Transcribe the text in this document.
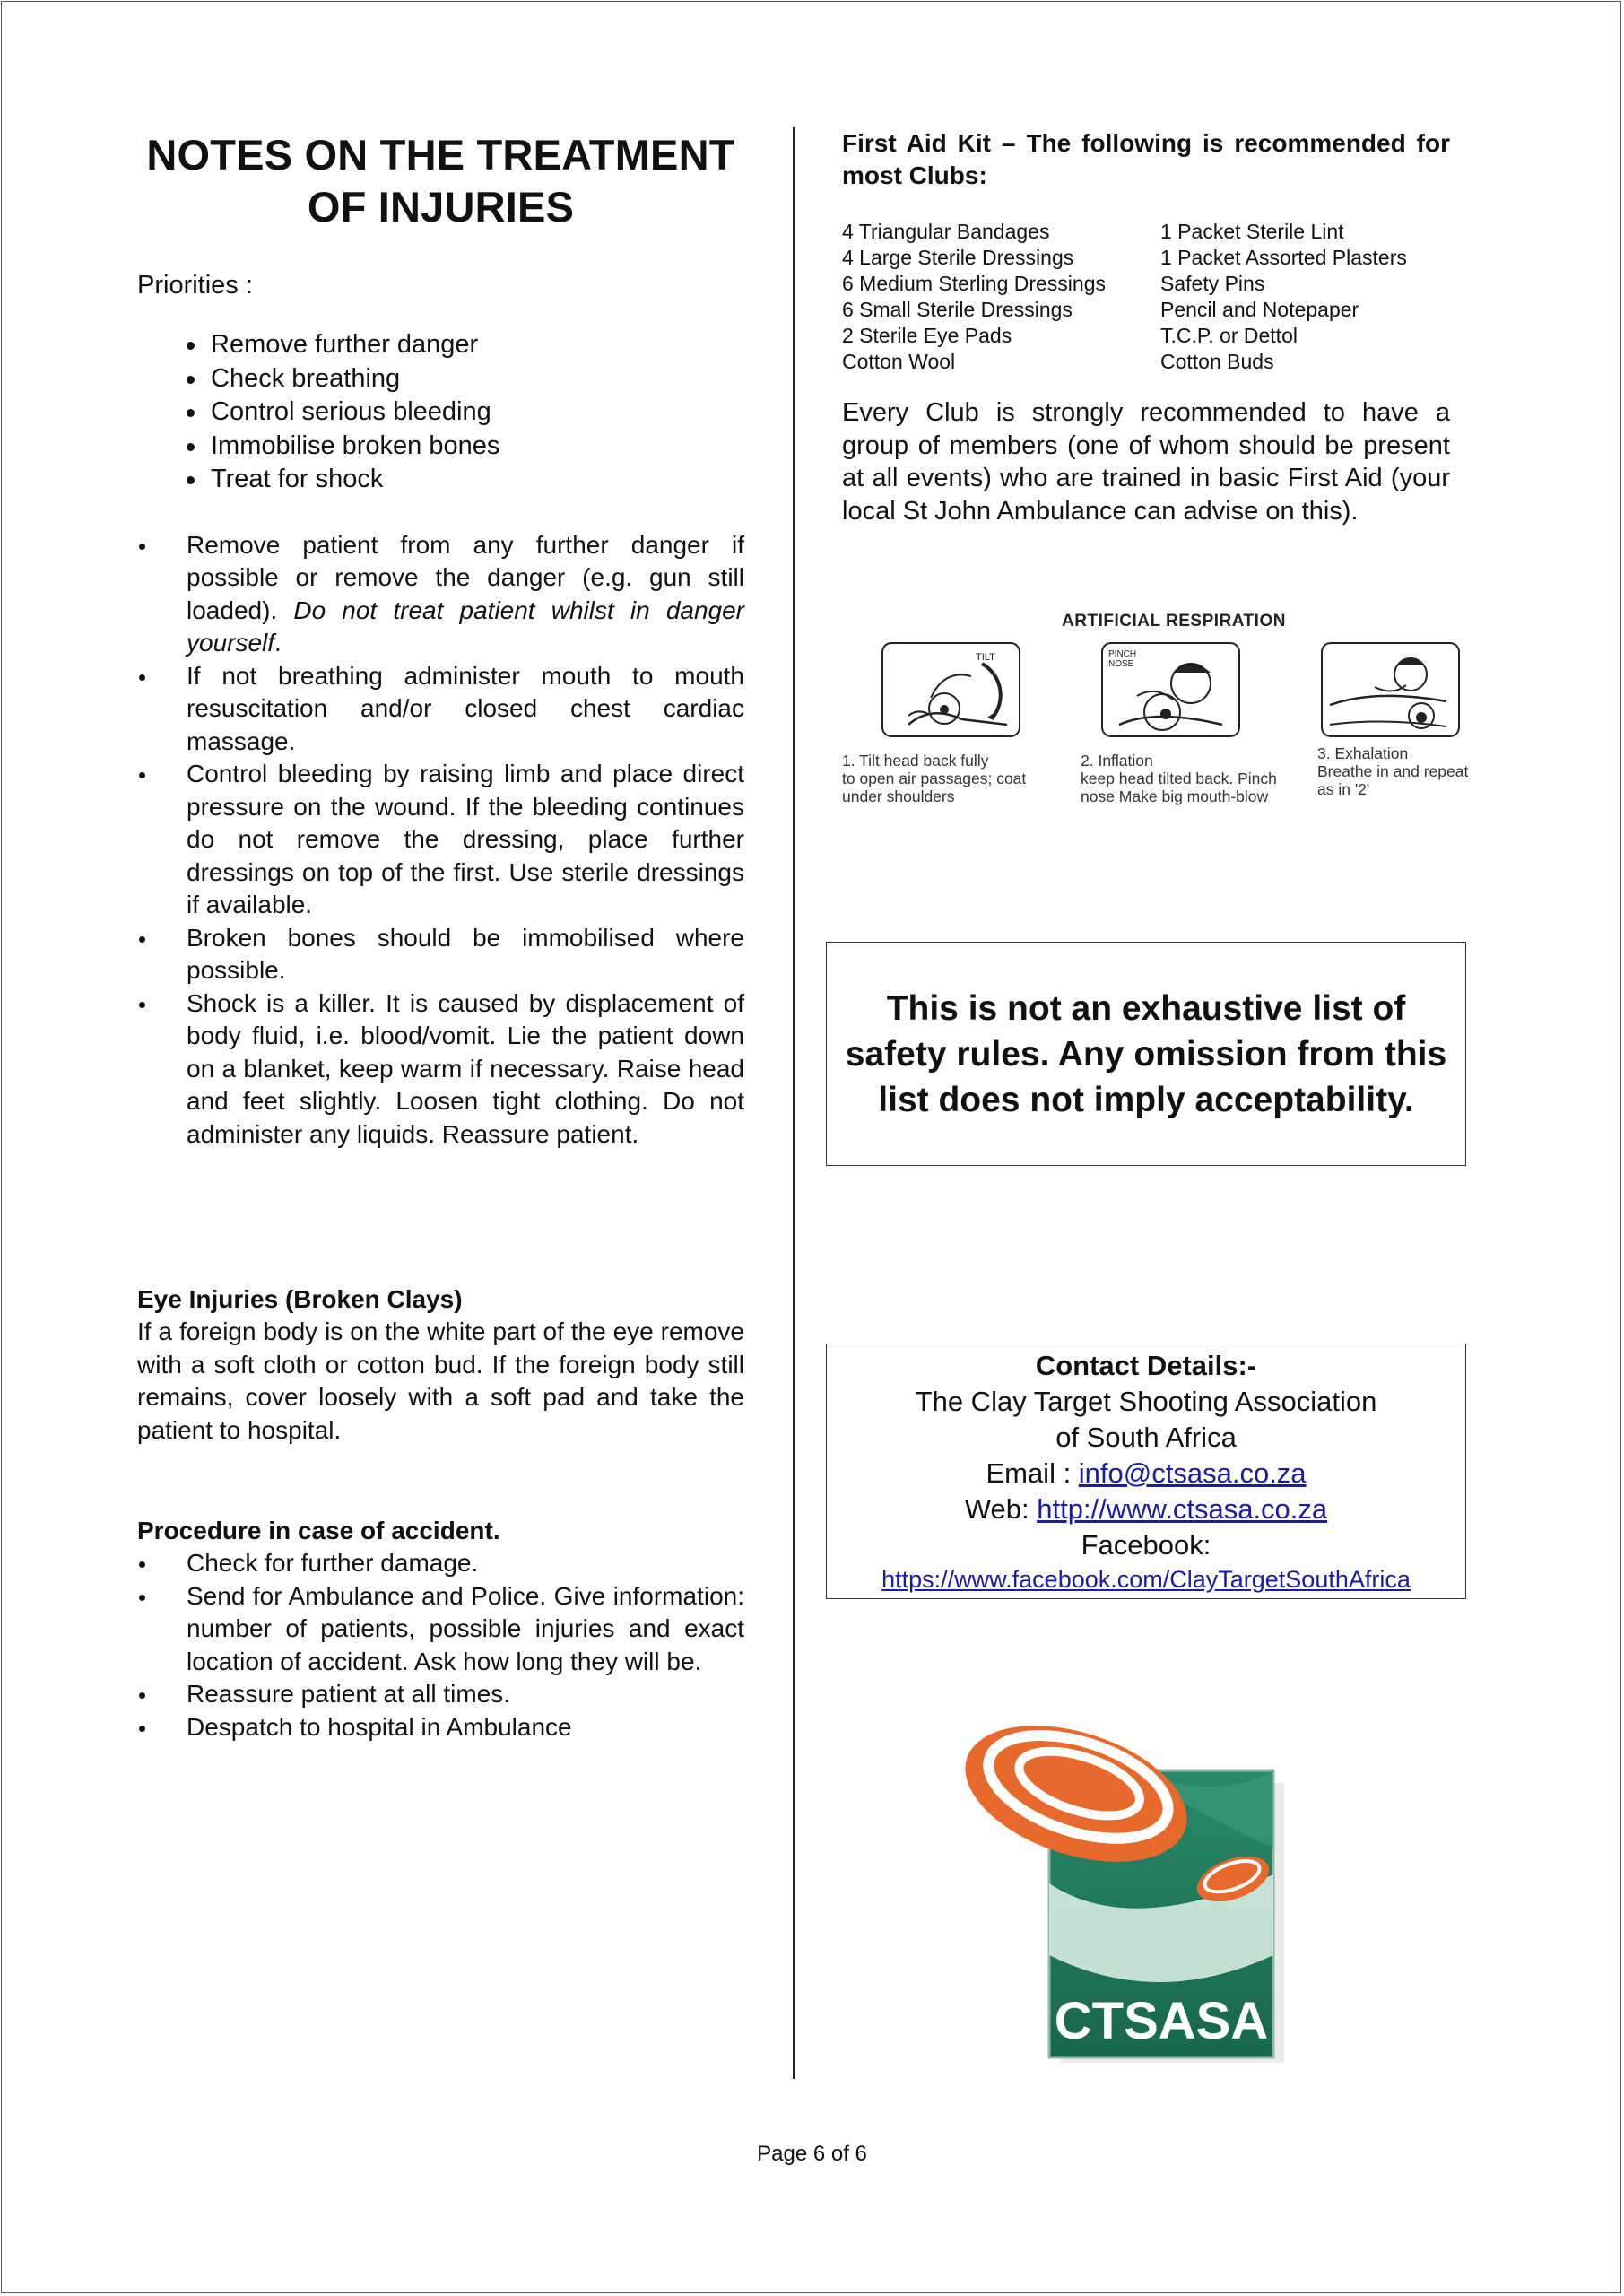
NOTES ON THE TREATMENT OF INJURIES
Priorities :
Remove further danger
Check breathing
Control serious bleeding
Immobilise broken bones
Treat for shock
Remove patient from any further danger if possible or remove the danger (e.g. gun still loaded). Do not treat patient whilst in danger yourself.
If not breathing administer mouth to mouth resuscitation and/or closed chest cardiac massage.
Control bleeding by raising limb and place direct pressure on the wound. If the bleeding continues do not remove the dressing, place further dressings on top of the first. Use sterile dressings if available.
Broken bones should be immobilised where possible.
Shock is a killer. It is caused by displacement of body fluid, i.e. blood/vomit. Lie the patient down on a blanket, keep warm if necessary. Raise head and feet slightly. Loosen tight clothing. Do not administer any liquids. Reassure patient.
Eye Injuries (Broken Clays)
If a foreign body is on the white part of the eye remove with a soft cloth or cotton bud. If the foreign body still remains, cover loosely with a soft pad and take the patient to hospital.
Procedure in case of accident.
Check for further damage.
Send for Ambulance and Police. Give information: number of patients, possible injuries and exact location of accident. Ask how long they will be.
Reassure patient at all times.
Despatch to hospital in Ambulance
First Aid Kit – The following is recommended for most Clubs:
4 Triangular Bandages	1 Packet Sterile Lint
4 Large Sterile Dressings	1 Packet Assorted Plasters
6 Medium Sterling Dressings	Safety Pins
6 Small Sterile Dressings	Pencil and Notepaper
2 Sterile Eye Pads	T.C.P. or Dettol
Cotton Wool	Cotton Buds
Every Club is strongly recommended to have a group of members (one of whom should be present at all events) who are trained in basic First Aid (your local St John Ambulance can advise on this).
ARTIFICIAL RESPIRATION
TILT	PINCH
NOSE
1. Tilt head back fully
to open air passages; coat
under shoulders
2. Inflation
keep head tilted back. Pinch
nose Make big mouth-blow
3. Exhalation
Breathe in and repeat
as in '2'
This is not an exhaustive list of safety rules. Any omission from this list does not imply acceptability.
Contact Details:-
The Clay Target Shooting Association
of South Africa
Email : info@ctsasa.co.za
Web: http://www.ctsasa.co.za
Facebook:
https://www.facebook.com/ClayTargetSouthAfrica
CTSASA
Page 6 of 6
